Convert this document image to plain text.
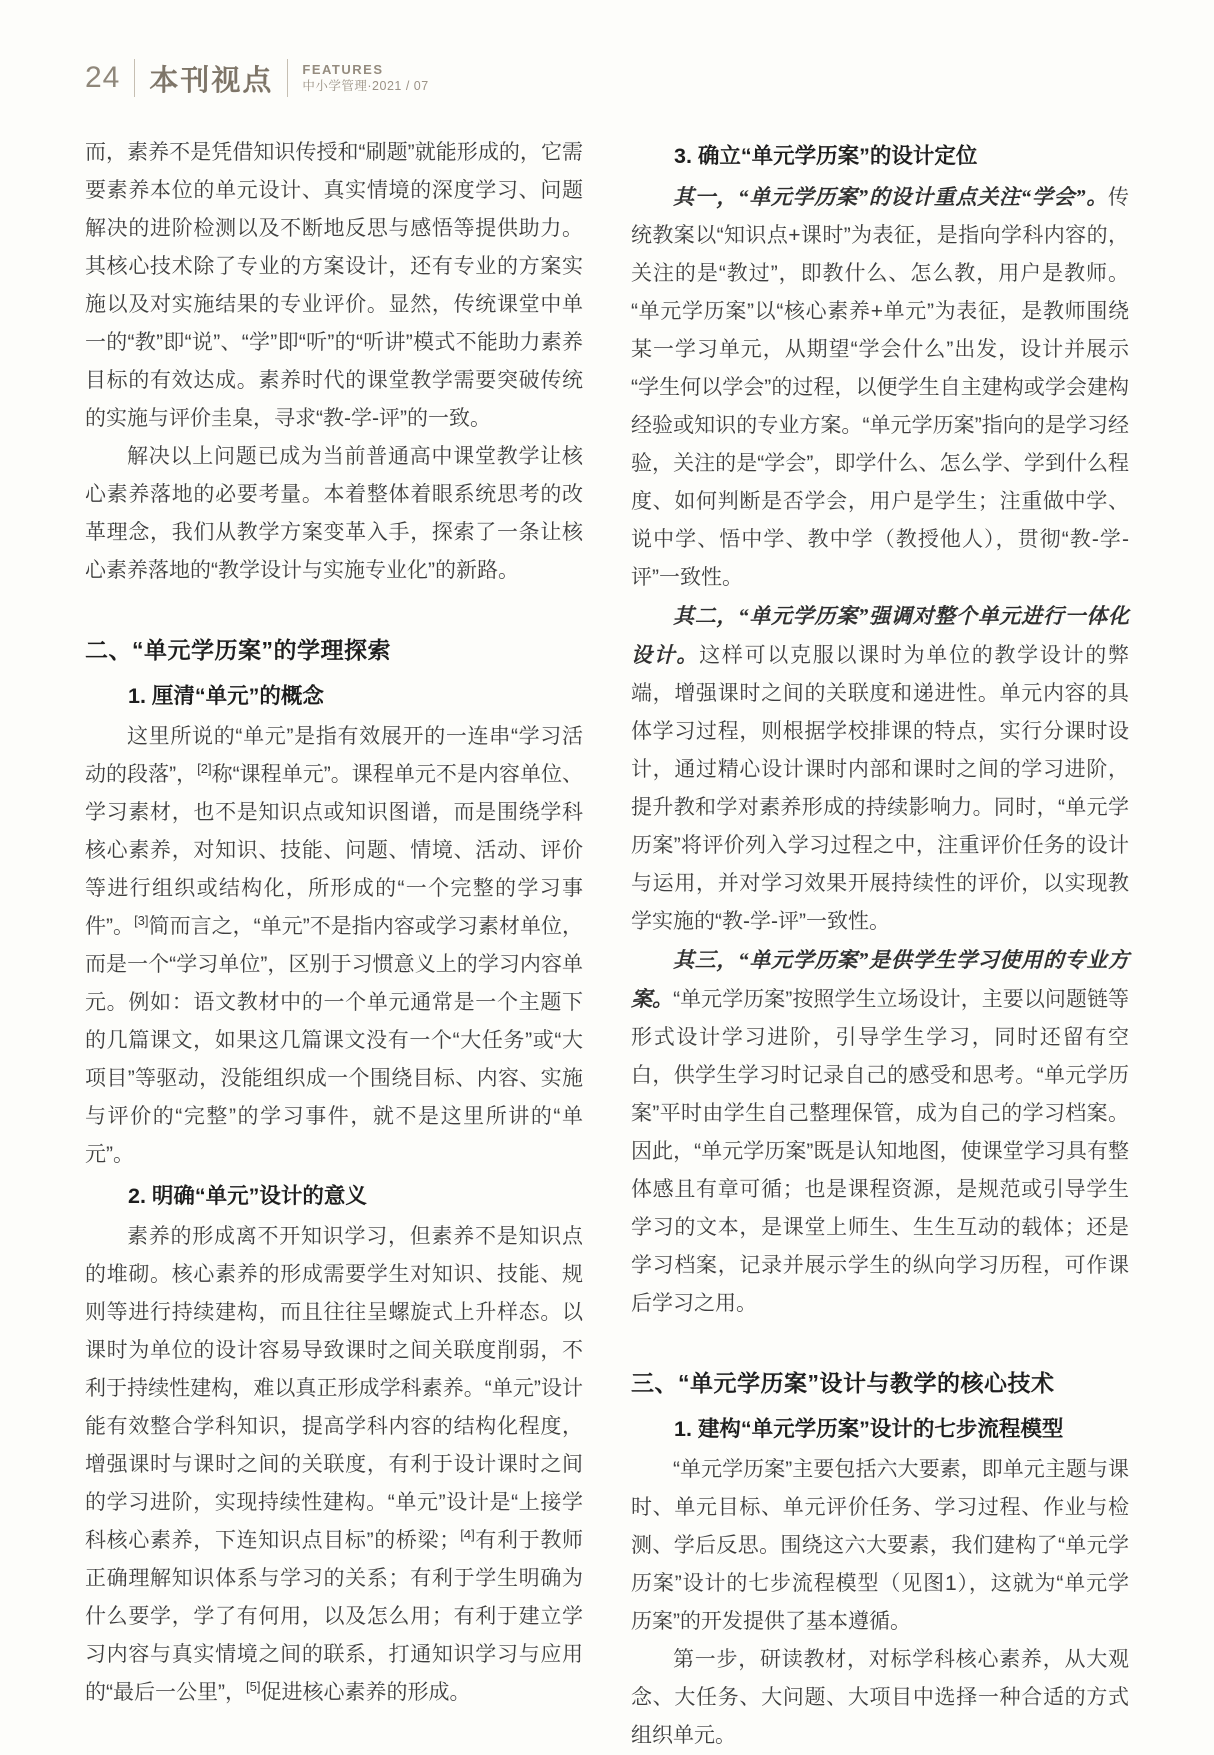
24 本刊视点 FEATURES
中小学管理·2021 / 07

而，素养不是凭借知识传授和“刷题”就能形成的，它需要素养本位的单元设计、真实情境的深度学习、问题解决的进阶检测以及不断地反思与感悟等提供助力。其核心技术除了专业的方案设计，还有专业的方案实施以及对实施结果的专业评价。显然，传统课堂中单一的“教”即“说”、“学”即“听”的“听讲”模式不能助力素养目标的有效达成。素养时代的课堂教学需要突破传统的实施与评价圭臬，寻求“教-学-评”的一致。

解决以上问题已成为当前普通高中课堂教学让核心素养落地的必要考量。本着整体着眼系统思考的改革理念，我们从教学方案变革入手，探索了一条让核心素养落地的“教学设计与实施专业化”的新路。

二、“单元学历案”的学理探索
1. 厘清“单元”的概念

这里所说的“单元”是指有效展开的一连串“学习活动的段落”，[2]称“课程单元”。课程单元不是内容单位、学习素材，也不是知识点或知识图谱，而是围绕学科核心素养，对知识、技能、问题、情境、活动、评价等进行组织或结构化，所形成的“一个完整的学习事件”。[3]简而言之，“单元”不是指内容或学习素材单位，而是一个“学习单位”，区别于习惯意义上的学习内容单元。例如：语文教材中的一个单元通常是一个主题下的几篇课文，如果这几篇课文没有一个“大任务”或“大项目”等驱动，没能组织成一个围绕目标、内容、实施与评价的“完整”的学习事件，就不是这里所讲的“单元”。

2. 明确“单元”设计的意义

素养的形成离不开知识学习，但素养不是知识点的堆砌。核心素养的形成需要学生对知识、技能、规则等进行持续建构，而且往往呈螺旋式上升样态。以课时为单位的设计容易导致课时之间关联度削弱，不利于持续性建构，难以真正形成学科素养。“单元”设计能有效整合学科知识，提高学科内容的结构化程度，增强课时与课时之间的关联度，有利于设计课时之间的学习进阶，实现持续性建构。“单元”设计是“上接学科核心素养，下连知识点目标”的桥梁；[4]有利于教师正确理解知识体系与学习的关系；有利于学生明确为什么要学，学了有何用，以及怎么用；有利于建立学习内容与真实情境之间的联系，打通知识学习与应用的“最后一公里”，[5]促进核心素养的形成。

3. 确立“单元学历案”的设计定位

其一，“单元学历案”的设计重点关注“学会”。传统教案以“知识点+课时”为表征，是指向学科内容的，关注的是“教过”，即教什么、怎么教，用户是教师。“单元学历案”以“核心素养+单元”为表征，是教师围绕某一学习单元，从期望“学会什么”出发，设计并展示“学生何以学会”的过程，以便学生自主建构或学会建构经验或知识的专业方案。“单元学历案”指向的是学习经验，关注的是“学会”，即学什么、怎么学、学到什么程度、如何判断是否学会，用户是学生；注重做中学、说中学、悟中学、教中学（教授他人），贯彻“教-学-评”一致性。

其二，“单元学历案”强调对整个单元进行一体化设计。这样可以克服以课时为单位的教学设计的弊端，增强课时之间的关联度和递进性。单元内容的具体学习过程，则根据学校排课的特点，实行分课时设计，通过精心设计课时内部和课时之间的学习进阶，提升教和学对素养形成的持续影响力。同时，“单元学历案”将评价列入学习过程之中，注重评价任务的设计与运用，并对学习效果开展持续性的评价，以实现教学实施的“教-学-评”一致性。

其三，“单元学历案”是供学生学习使用的专业方案。“单元学历案”按照学生立场设计，主要以问题链等形式设计学习进阶，引导学生学习，同时还留有空白，供学生学习时记录自己的感受和思考。“单元学历案”平时由学生自己整理保管，成为自己的学习档案。因此，“单元学历案”既是认知地图，使课堂学习具有整体感且有章可循；也是课程资源，是规范或引导学生学习的文本，是课堂上师生、生生互动的载体；还是学习档案，记录并展示学生的纵向学习历程，可作课后学习之用。

三、“单元学历案”设计与教学的核心技术
1. 建构“单元学历案”设计的七步流程模型

“单元学历案”主要包括六大要素，即单元主题与课时、单元目标、单元评价任务、学习过程、作业与检测、学后反思。围绕这六大要素，我们建构了“单元学历案”设计的七步流程模型（见图1），这就为“单元学历案”的开发提供了基本遵循。

第一步，研读教材，对标学科核心素养，从大观念、大任务、大问题、大项目中选择一种合适的方式组织单元。
